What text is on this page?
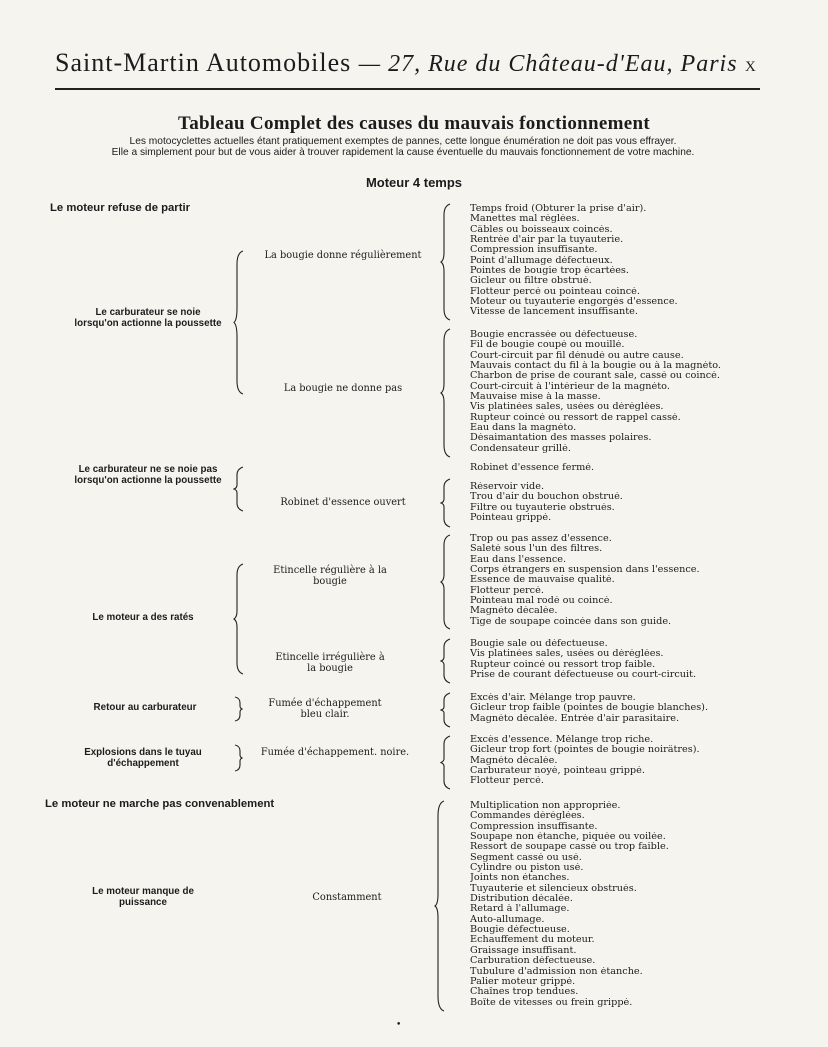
Saint-Martin Automobiles — 27, Rue du Château-d'Eau, Paris X
Tableau Complet des causes du mauvais fonctionnement
Les motocyclettes actuelles étant pratiquement exemptes de pannes, cette longue énumération ne doit pas vous effrayer.
Elle a simplement pour but de vous aider à trouver rapidement la cause éventuelle du mauvais fonctionnement de votre machine.
Moteur 4 temps
Le moteur refuse de partir
Le moteur ne marche pas convenablement
Le carburateur se noie lorsqu'on actionne la poussette
Le carburateur ne se noie pas lorsqu'on actionne la poussette
Le moteur a des ratés
Retour au carburateur
Explosions dans le tuyau d'échappement
Le moteur manque de puissance
La bougie donne régulièrement
La bougie ne donne pas
Robinet d'essence ouvert
Etincelle régulière à la bougie
Etincelle irrégulière à la bougie
Fumée d'échappement bleu clair.
Fumée d'échappement. noire.
Constamment
Temps froid (Obturer la prise d'air).
Manettes mal réglées.
Câbles ou boisseaux coincés.
Rentrée d'air par la tuyauterie.
Compression insuffisante.
Point d'allumage défectueux.
Pointes de bougie trop écartées.
Gicleur ou filtre obstrué.
Flotteur percé ou pointeau coincé.
Moteur ou tuyauterie engorgés d'essence.
Vitesse de lancement insuffisante.
Bougie encrassée ou défectueuse.
Fil de bougie coupé ou mouillé.
Court-circuit par fil dénudé ou autre cause.
Mauvais contact du fil à la bougie ou à la magnéto.
Charbon de prise de courant sale, cassé ou coincé.
Court-circuit à l'intérieur de la magnéto.
Mauvaise mise à la masse.
Vis platinées sales, usées ou déréglées.
Rupteur coincé ou ressort de rappel cassé.
Eau dans la magnéto.
Désaimantation des masses polaires.
Condensateur grillé.
Robinet d'essence fermé.
Réservoir vide.
Trou d'air du bouchon obstrué.
Filtre ou tuyauterie obstrués.
Pointeau grippé.
Trop ou pas assez d'essence.
Saleté sous l'un des filtres.
Eau dans l'essence.
Corps étrangers en suspension dans l'essence.
Essence de mauvaise qualité.
Flotteur percé.
Pointeau mal rodé ou coincé.
Magnéto décalée.
Tige de soupape coincée dans son guide.
Bougie sale ou défectueuse.
Vis platinées sales, usées ou déréglées.
Rupteur coincé ou ressort trop faible.
Prise de courant défectueuse ou court-circuit.
Excès d'air. Mélange trop pauvre.
Gicleur trop faible (pointes de bougie blanches).
Magnéto décalée. Entrée d'air parasitaire.
Excès d'essence. Mélange trop riche.
Gicleur trop fort (pointes de bougie noirâtres).
Magnéto décalée.
Carburateur noyé, pointeau grippé.
Flotteur percé.
Multiplication non appropriée.
Commandes déréglées.
Compression insuffisante.
Soupape non étanche, piquée ou voilée.
Ressort de soupape cassé ou trop faible.
Segment cassé ou usé.
Cylindre ou piston usé.
Joints non étanches.
Tuyauterie et silencieux obstrués.
Distribution décalée.
Retard à l'allumage.
Auto-allumage.
Bougie défectueuse.
Echauffement du moteur.
Graissage insuffisant.
Carburation défectueuse.
Tubulure d'admission non étanche.
Palier moteur grippé.
Chaînes trop tendues.
Boîte de vitesses ou frein grippé.
•
